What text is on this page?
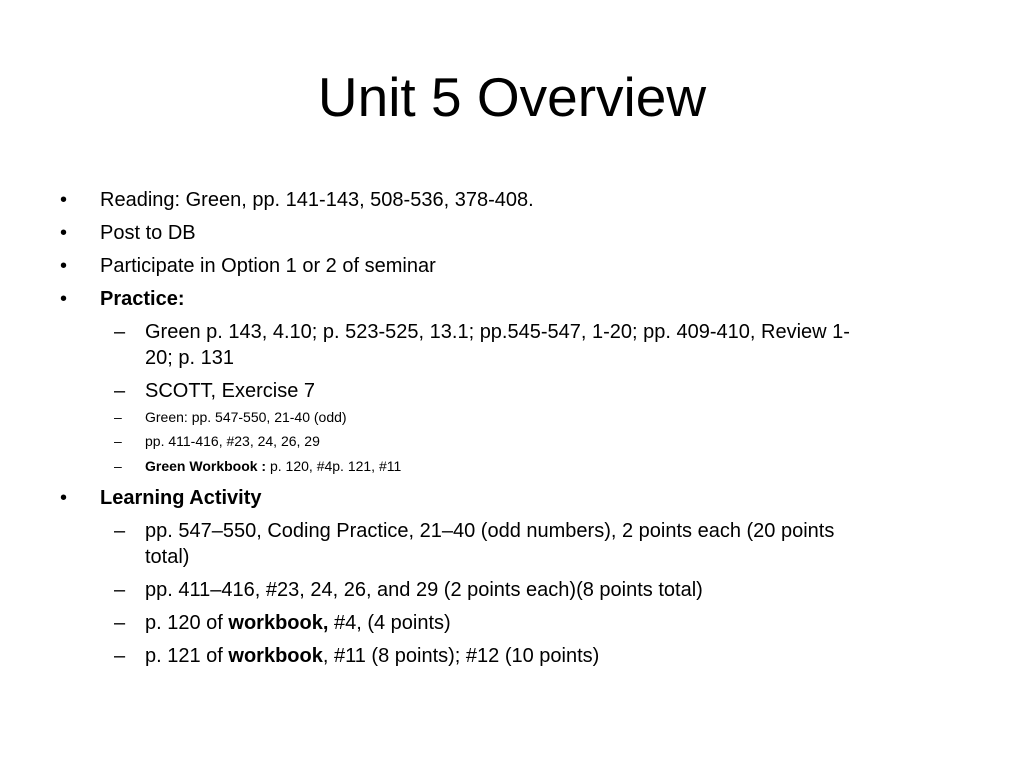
Unit 5 Overview
• Reading: Green, pp. 141-143, 508-536, 378-408.
• Post to DB
• Participate in Option 1 or 2 of seminar
• Practice:
– Green p. 143, 4.10; p. 523-525, 13.1; pp.545-547, 1-20; pp. 409-410, Review 1-
20; p. 131
– SCOTT, Exercise 7
– Green: pp. 547-550, 21-40 (odd)
– pp. 411-416, #23, 24, 26, 29
– Green Workbook : p. 120, #4p. 121, #11
• Learning Activity
– pp. 547–550, Coding Practice, 21–40 (odd numbers), 2 points each (20 points
total)
– pp. 411–416, #23, 24, 26, and 29 (2 points each)(8 points total)
– p. 120 of workbook, #4, (4 points)
– p. 121 of workbook, #11 (8 points); #12 (10 points)
